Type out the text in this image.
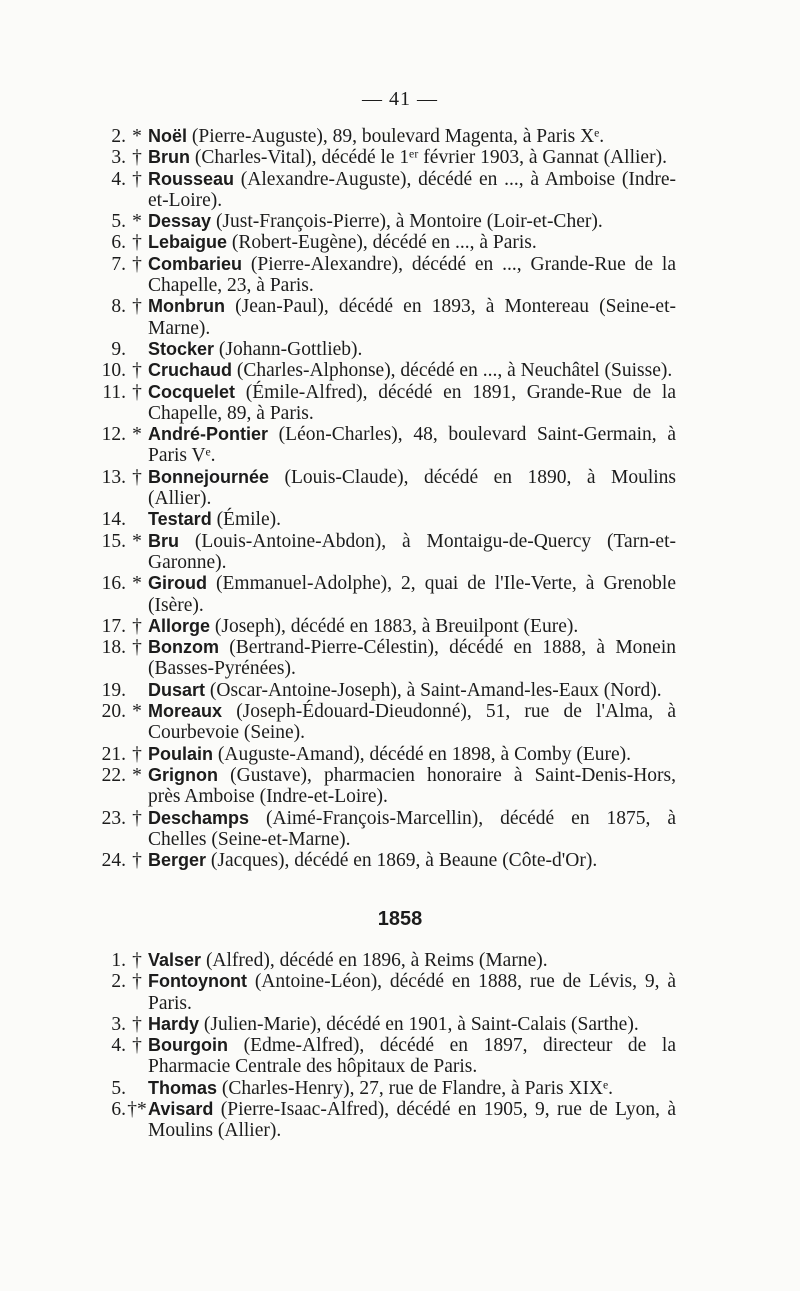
— 41 —
2. * Noël (Pierre-Auguste), 89, boulevard Magenta, à Paris Xᵉ.
3. † Brun (Charles-Vital), décédé le 1ᵉʳ février 1903, à Gannat (Allier).
4. † Rousseau (Alexandre-Auguste), décédé en ..., à Amboise (Indre-et-Loire).
5. * Dessay (Just-François-Pierre), à Montoire (Loir-et-Cher).
6. † Lebaigue (Robert-Eugène), décédé en ..., à Paris.
7. † Combarieu (Pierre-Alexandre), décédé en ..., Grande-Rue de la Chapelle, 23, à Paris.
8. † Monbrun (Jean-Paul), décédé en 1893, à Montereau (Seine-et-Marne).
9. Stocker (Johann-Gottlieb).
10. † Cruchaud (Charles-Alphonse), décédé en ..., à Neuchâtel (Suisse).
11. † Cocquelet (Émile-Alfred), décédé en 1891, Grande-Rue de la Chapelle, 89, à Paris.
12. * André-Pontier (Léon-Charles), 48, boulevard Saint-Germain, à Paris Vᵉ.
13. † Bonnejournée (Louis-Claude), décédé en 1890, à Moulins (Allier).
14. Testard (Émile).
15. * Bru (Louis-Antoine-Abdon), à Montaigu-de-Quercy (Tarn-et-Garonne).
16. * Giroud (Emmanuel-Adolphe), 2, quai de l'Ile-Verte, à Grenoble (Isère).
17. † Allorge (Joseph), décédé en 1883, à Breuilpont (Eure).
18. † Bonzom (Bertrand-Pierre-Célestin), décédé en 1888, à Monein (Basses-Pyrénées).
19. Dusart (Oscar-Antoine-Joseph), à Saint-Amand-les-Eaux (Nord).
20. * Moreaux (Joseph-Édouard-Dieudonné), 51, rue de l'Alma, à Courbevoie (Seine).
21. † Poulain (Auguste-Amand), décédé en 1898, à Comby (Eure).
22. * Grignon (Gustave), pharmacien honoraire à Saint-Denis-Hors, près Amboise (Indre-et-Loire).
23. † Deschamps (Aimé-François-Marcellin), décédé en 1875, à Chelles (Seine-et-Marne).
24. † Berger (Jacques), décédé en 1869, à Beaune (Côte-d'Or).
1858
1. † Valser (Alfred), décédé en 1896, à Reims (Marne).
2. † Fontoynont (Antoine-Léon), décédé en 1888, rue de Lévis, 9, à Paris.
3. † Hardy (Julien-Marie), décédé en 1901, à Saint-Calais (Sarthe).
4. † Bourgoin (Edme-Alfred), décédé en 1897, directeur de la Pharmacie Centrale des hôpitaux de Paris.
5. Thomas (Charles-Henry), 27, rue de Flandre, à Paris XIXᵉ.
6. †* Avisard (Pierre-Isaac-Alfred), décédé en 1905, 9, rue de Lyon, à Moulins (Allier).
